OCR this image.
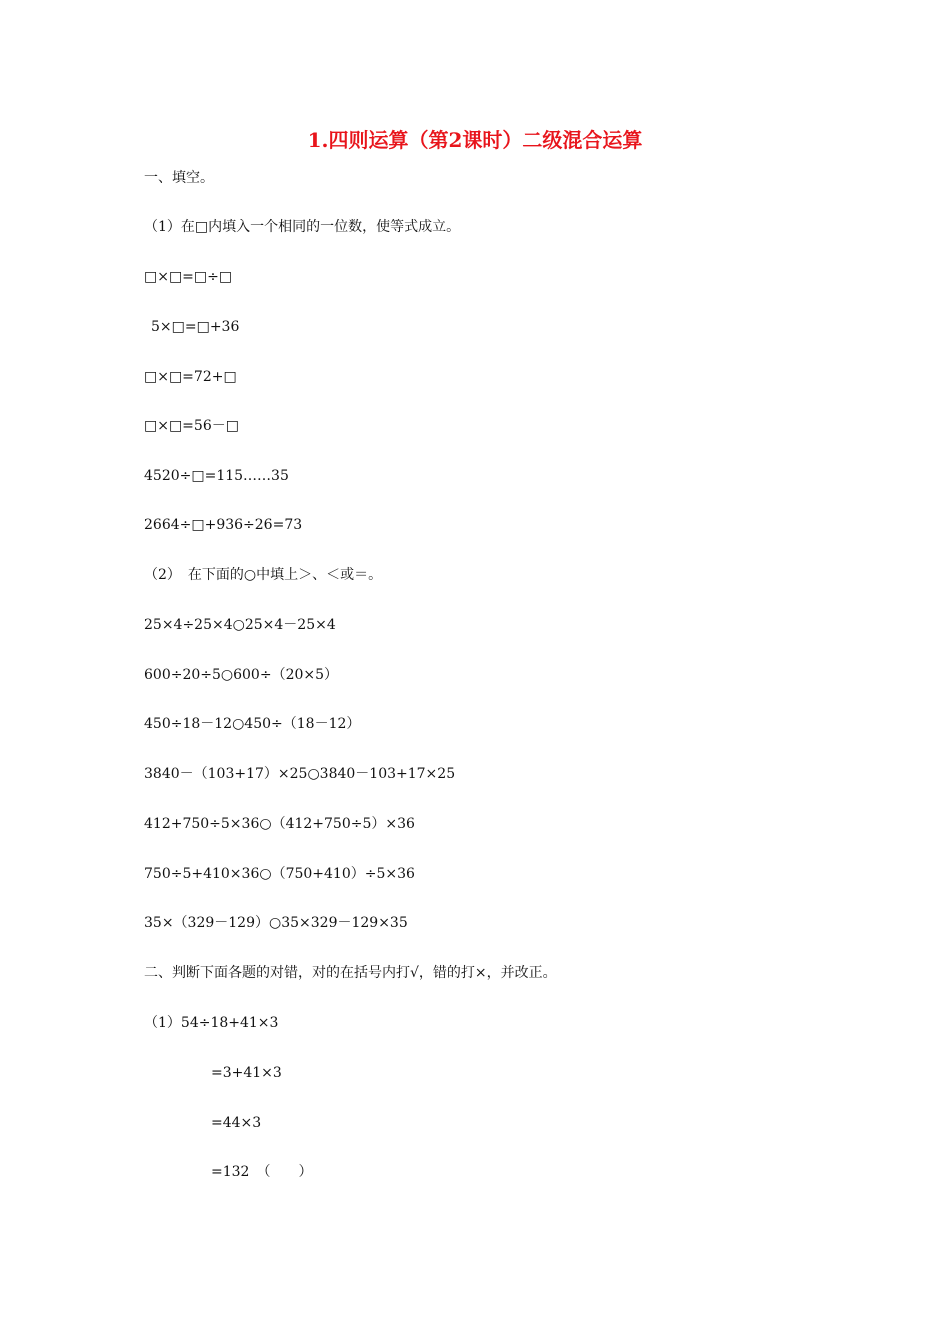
1.四则运算（第2课时）二级混合运算
一、填空。
（1）在□内填入一个相同的一位数，使等式成立。
□×□=□÷□
5×□=□+36
□×□=72+□
□×□=56－□
4520÷□=115……35
2664÷□+936÷26=73
（2）　在下面的○中填上＞、＜或＝。
25×4÷25×4○25×4－25×4
600÷20÷5○600÷（20×5）
450÷18－12○450÷（18－12）
3840－（103+17）×25○3840－103+17×25
412+750÷5×36○（412+750÷5）×36
750÷5+410×36○（750+410）÷5×36
35×（329－129）○35×329－129×35
二、判断下面各题的对错，对的在括号内打√，错的打×，并改正。
（1）54÷18+41×3
=3+41×3
=44×3
=132　（　　）
